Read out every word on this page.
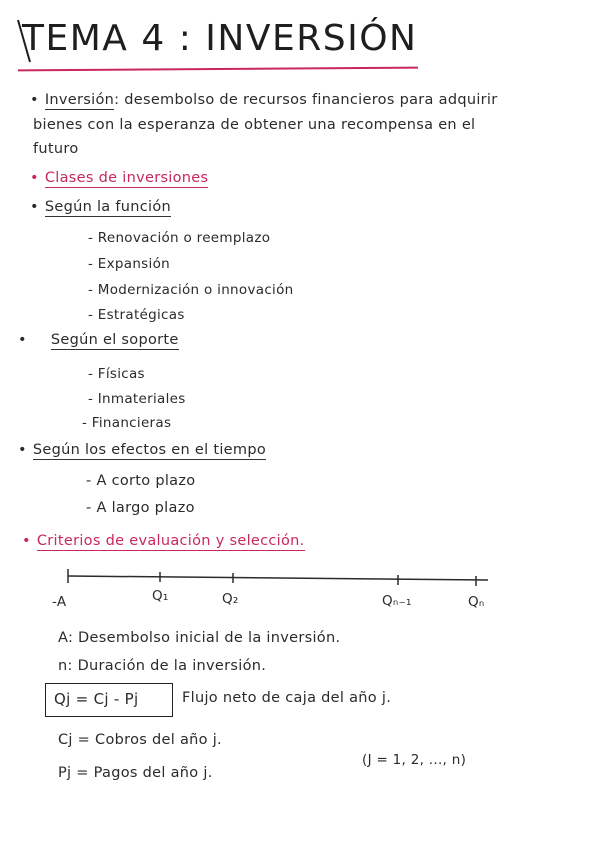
TEMA 4 : INVERSIÓN
• Inversión: desembolso de recursos financieros para adquirir
bienes con la esperanza de obtener una recompensa en el
futuro
• Clases de inversiones
• Según la función
- Renovación o reemplazo
- Expansión
- Modernización o innovación
- Estratégicas
• Según el soporte
- Físicas
- Inmateriales
- Financieras
• Según los efectos en el tiempo
- A corto plazo
- A largo plazo
• Criterios de evaluación y selección.
-A	Q₁	Q₂	Qₙ₋₁	Qₙ
A: Desembolso inicial de la inversión.
n: Duración de la inversión.
Qj = Cj - Pj	Flujo neto de caja del año j.
Cj = Cobros del año j.
Pj = Pagos del año j.
(J = 1, 2, ..., n)
